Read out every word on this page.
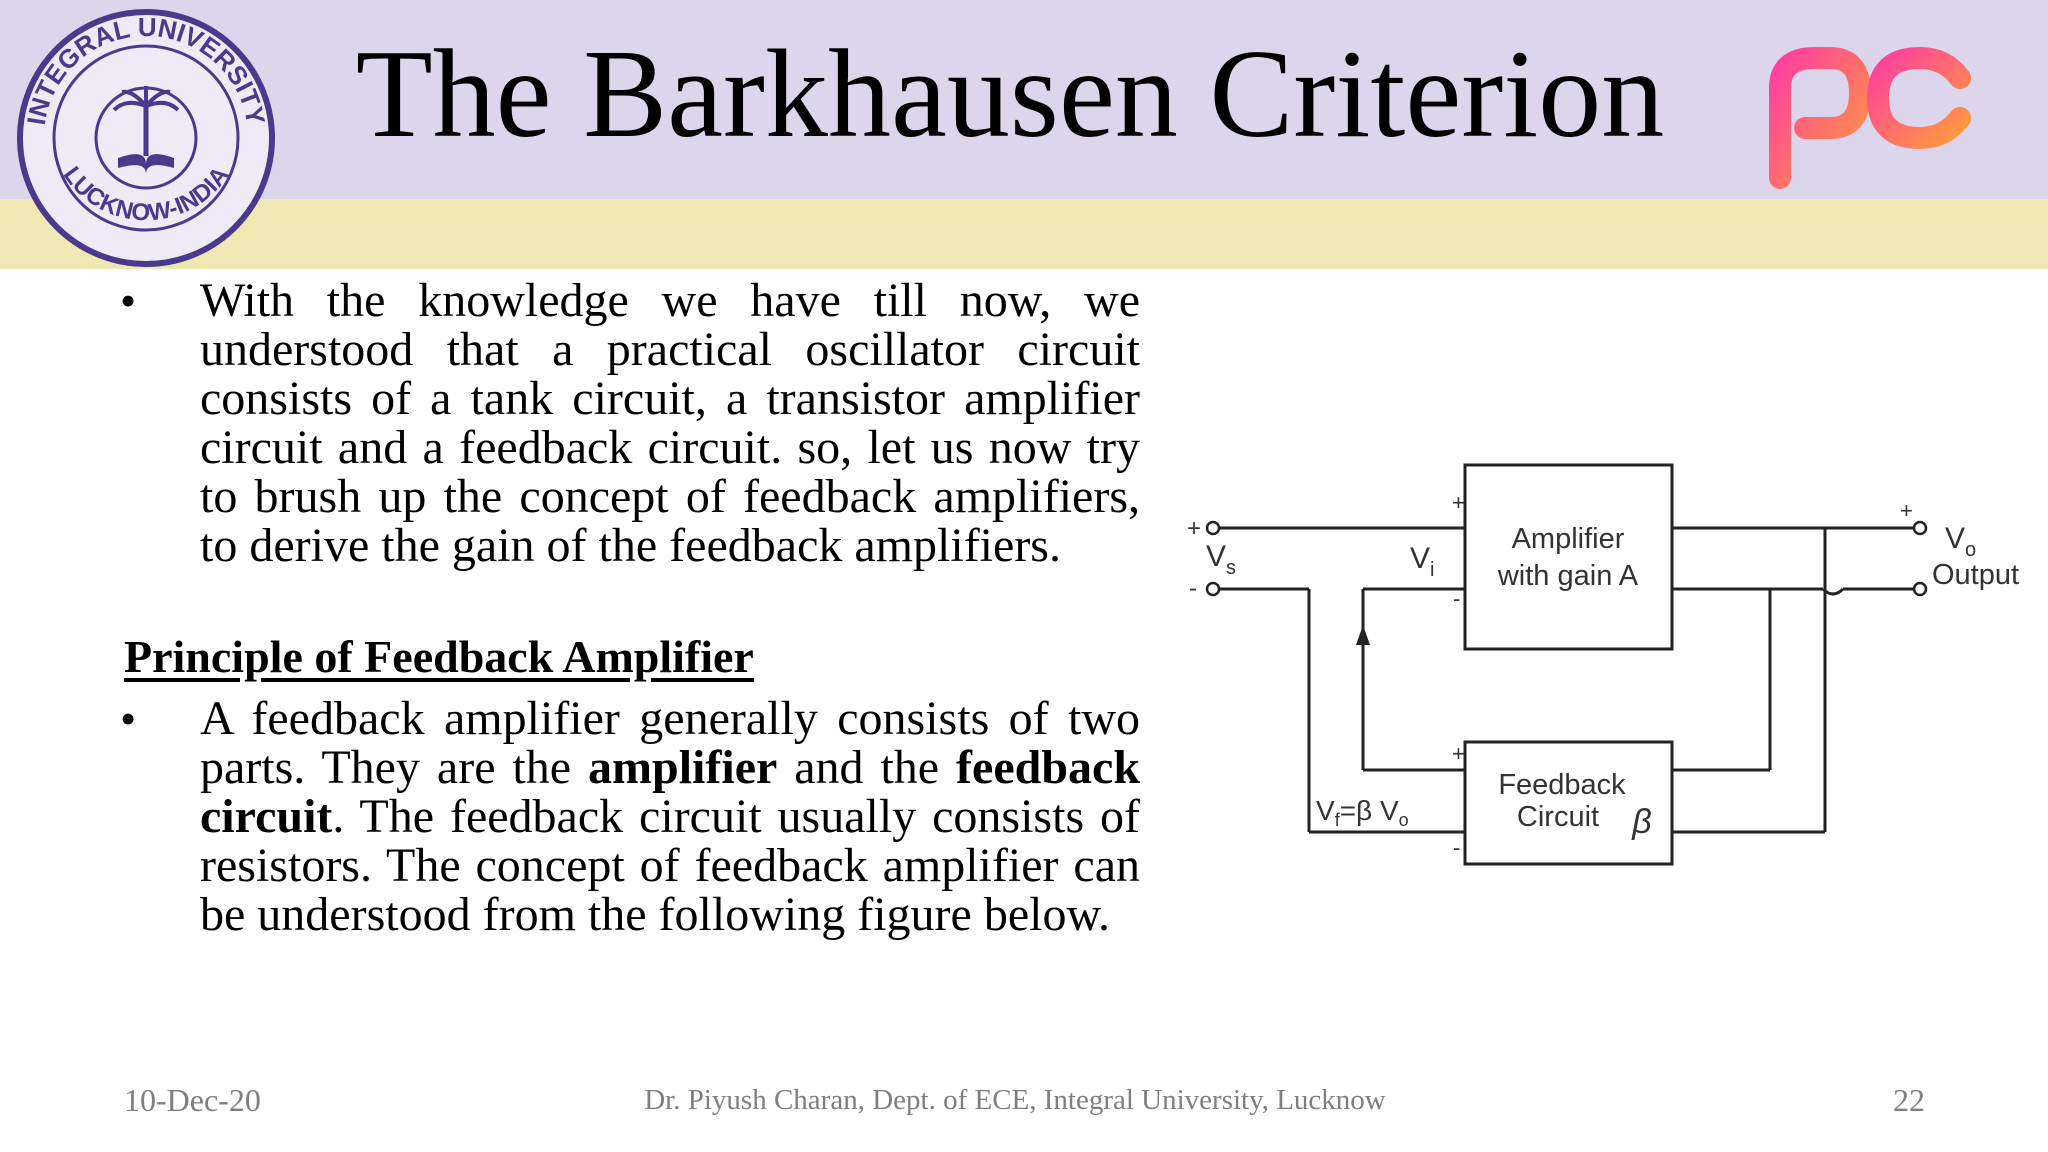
INTEGRAL UNIVERSITY
LUCKNOW-INDIA
The Barkhausen Criterion
• With the knowledge we have till now, we understood that a practical oscillator circuit consists of a tank circuit, a transistor amplifier circuit and a feedback circuit. so, let us now try to brush up the concept of feedback amplifiers, to derive the gain of the feedback amplifiers.
Principle of Feedback Amplifier
• A feedback amplifier generally consists of two parts. They are the amplifier and the feedback circuit. The feedback circuit usually consists of resistors. The concept of feedback amplifier can be understood from the following figure below.
Amplifier
with gain A
Feedback
Circuit β
+
-
$V_s$
+
-
$V_i$
+
-
$V_f=\beta$ $V_o$
+
$V_o$
Output
10-Dec-20	Dr. Piyush Charan, Dept. of ECE, Integral University, Lucknow	22
